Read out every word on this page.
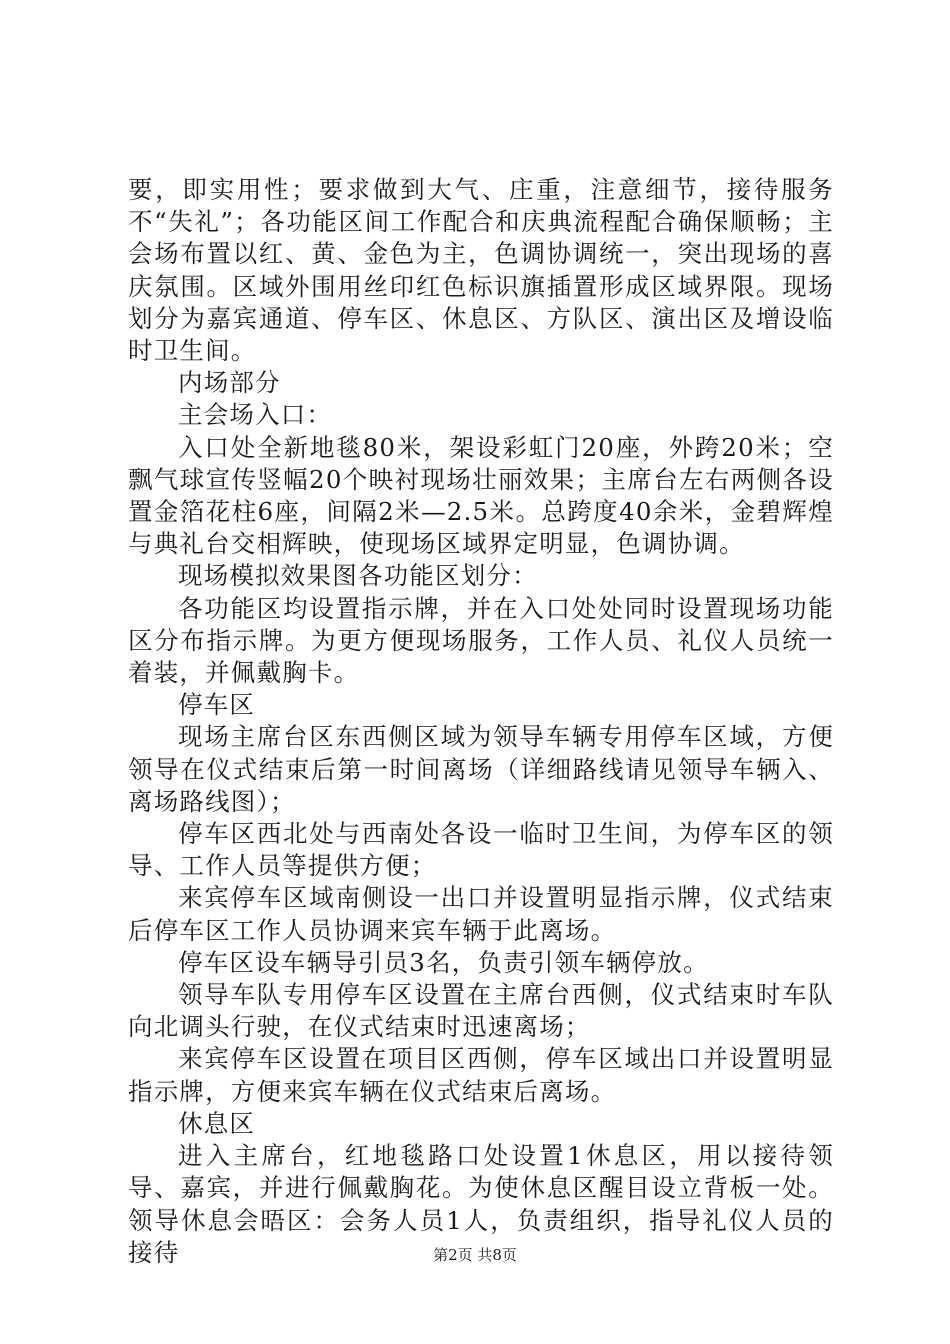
要，即实用性；要求做到大气、庄重，注意细节，接待服务不“失礼”；各功能区间工作配合和庆典流程配合确保顺畅；主会场布置以红、黄、金色为主，色调协调统一，突出现场的喜庆氛围。区域外围用丝印红色标识旗插置形成区域界限。现场划分为嘉宾通道、停车区、休息区、方队区、演出区及增设临时卫生间。

内场部分

主会场入口：

入口处全新地毯80米，架设彩虹门20座，外跨20米；空飘气球宣传竖幅20个映衬现场壮丽效果；主席台左右两侧各设置金箔花柱6座，间隔2米—2.5米。总跨度40余米，金碧辉煌与典礼台交相辉映，使现场区域界定明显，色调协调。

现场模拟效果图各功能区划分：

各功能区均设置指示牌，并在入口处处同时设置现场功能区分布指示牌。为更方便现场服务，工作人员、礼仪人员统一着装，并佩戴胸卡。

停车区

现场主席台区东西侧区域为领导车辆专用停车区域，方便领导在仪式结束后第一时间离场（详细路线请见领导车辆入、离场路线图）；

停车区西北处与西南处各设一临时卫生间，为停车区的领导、工作人员等提供方便；

来宾停车区域南侧设一出口并设置明显指示牌，仪式结束后停车区工作人员协调来宾车辆于此离场。

停车区设车辆导引员3名，负责引领车辆停放。

领导车队专用停车区设置在主席台西侧，仪式结束时车队向北调头行驶，在仪式结束时迅速离场；

来宾停车区设置在项目区西侧，停车区域出口并设置明显指示牌，方便来宾车辆在仪式结束后离场。

休息区

进入主席台，红地毯路口处设置1休息区，用以接待领导、嘉宾，并进行佩戴胸花。为使休息区醒目设立背板一处。领导休息会晤区：会务人员1人，负责组织，指导礼仪人员的接待	第2页 共8页
